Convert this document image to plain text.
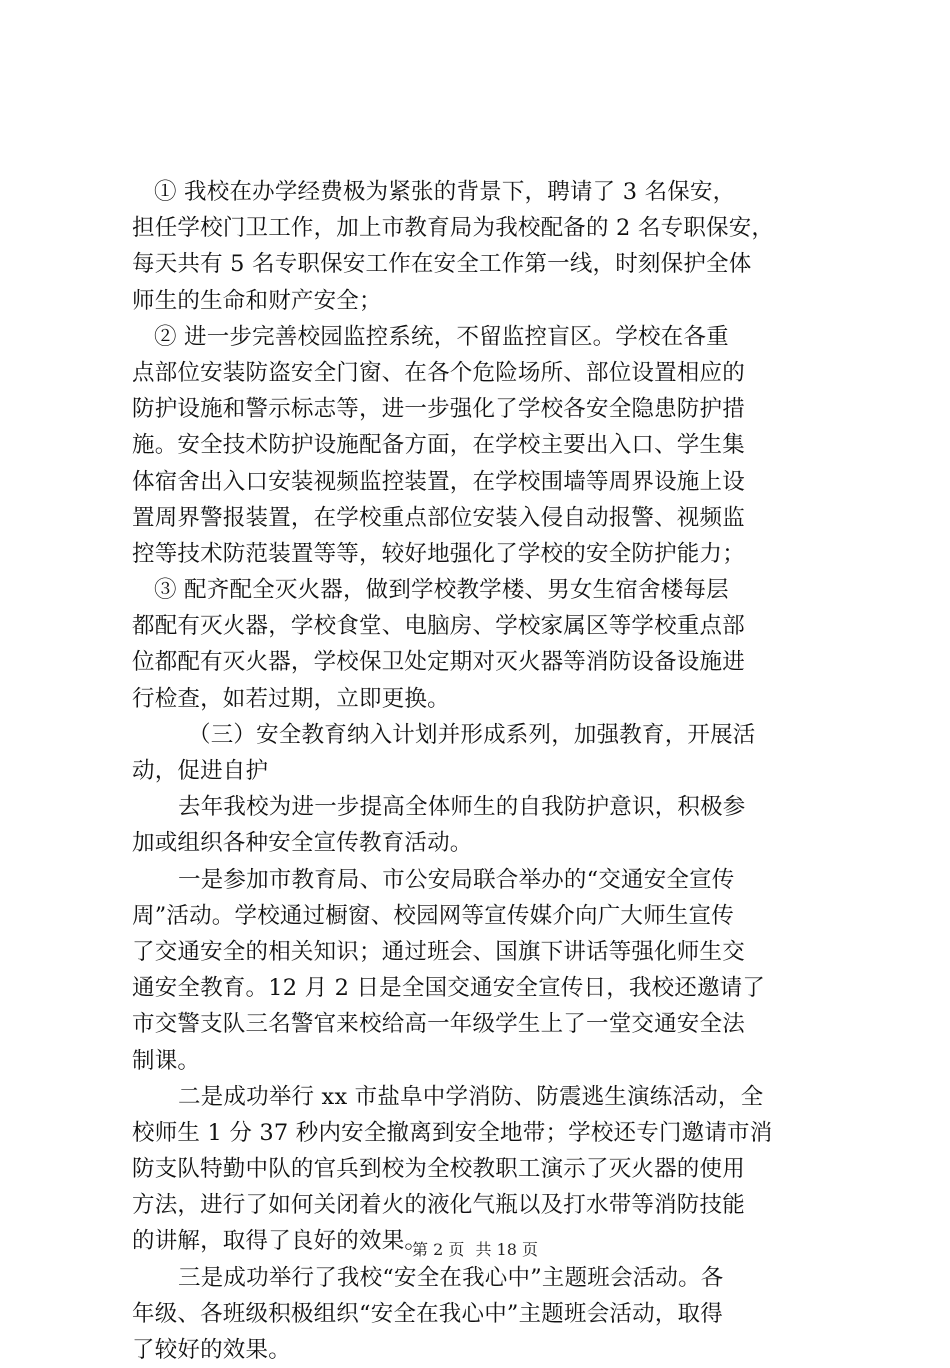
① 我校在办学经费极为紧张的背景下，聘请了 3 名保安，
担任学校门卫工作，加上市教育局为我校配备的 2 名专职保安，
每天共有 5 名专职保安工作在安全工作第一线，时刻保护全体
师生的生命和财产安全；
② 进一步完善校园监控系统，不留监控盲区。学校在各重
点部位安装防盗安全门窗、在各个危险场所、部位设置相应的
防护设施和警示标志等，进一步强化了学校各安全隐患防护措
施。安全技术防护设施配备方面，在学校主要出入口、学生集
体宿舍出入口安装视频监控装置，在学校围墙等周界设施上设
置周界警报装置，在学校重点部位安装入侵自动报警、视频监
控等技术防范装置等等，较好地强化了学校的安全防护能力；
③ 配齐配全灭火器，做到学校教学楼、男女生宿舍楼每层
都配有灭火器，学校食堂、电脑房、学校家属区等学校重点部
位都配有灭火器，学校保卫处定期对灭火器等消防设备设施进
行检查，如若过期，立即更换。
（三）安全教育纳入计划并形成系列，加强教育，开展活
动，促进自护
去年我校为进一步提高全体师生的自我防护意识，积极参
加或组织各种安全宣传教育活动。
一是参加市教育局、市公安局联合举办的“交通安全宣传
周”活动。学校通过橱窗、校园网等宣传媒介向广大师生宣传
了交通安全的相关知识；通过班会、国旗下讲话等强化师生交
通安全教育。12 月 2 日是全国交通安全宣传日，我校还邀请了
市交警支队三名警官来校给高一年级学生上了一堂交通安全法
制课。
二是成功举行 xx 市盐阜中学消防、防震逃生演练活动，全
校师生 1 分 37 秒内安全撤离到安全地带；学校还专门邀请市消
防支队特勤中队的官兵到校为全校教职工演示了灭火器的使用
方法，进行了如何关闭着火的液化气瓶以及打水带等消防技能
的讲解，取得了良好的效果。
三是成功举行了我校“安全在我心中”主题班会活动。各
年级、各班级积极组织“安全在我心中”主题班会活动，取得
了较好的效果。
第 2 页 共 18 页
